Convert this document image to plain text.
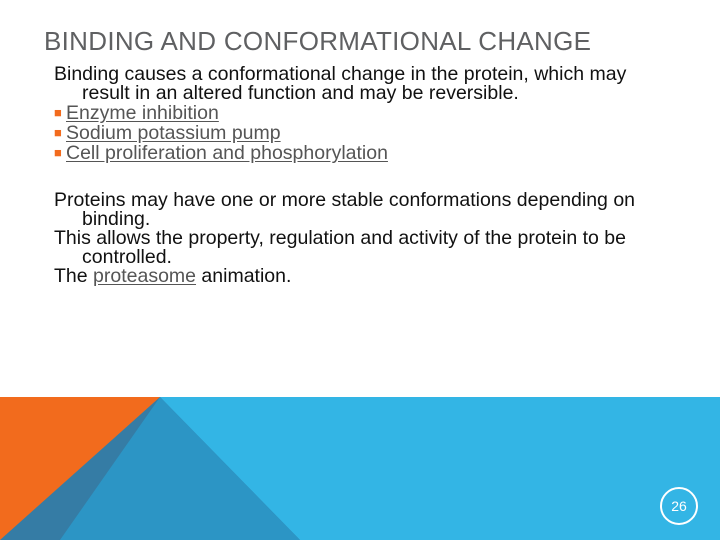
BINDING AND CONFORMATIONAL CHANGE

Binding causes a conformational change in the protein, which may result in an altered function and may be reversible.

■ Enzyme inhibition
■ Sodium potassium pump
■ Cell proliferation and phosphorylation

Proteins may have one or more stable conformations depending on binding.

This allows the property, regulation and activity of the protein to be controlled.

The proteasome animation.

26
